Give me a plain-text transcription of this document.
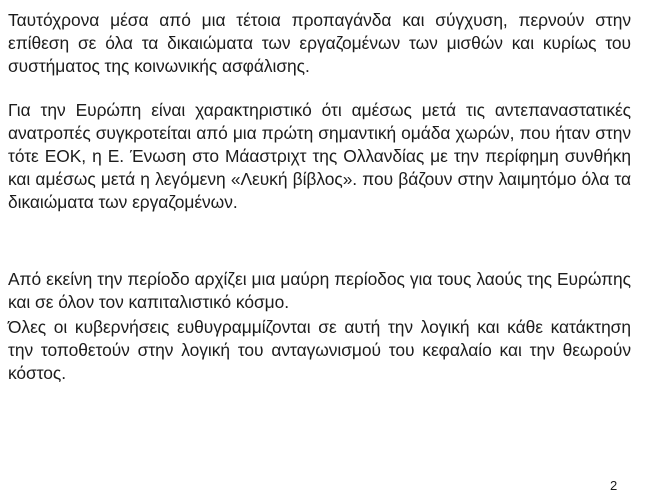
Ταυτόχρονα μέσα από μια τέτοια προπαγάνδα και σύγχυση, περνούν στην επίθεση σε όλα τα δικαιώματα των εργαζομένων των μισθών και κυρίως του συστήματος της κοινωνικής ασφάλισης.

Για την Ευρώπη είναι χαρακτηριστικό ότι αμέσως μετά τις αντεπαναστατικές ανατροπές συγκροτείται από μια πρώτη σημαντική ομάδα χωρών, που ήταν στην τότε ΕΟΚ, η Ε. Ένωση στο Μάαστριχτ της Ολλανδίας με την περίφημη συνθήκη και αμέσως μετά η λεγόμενη «Λευκή βίβλος». που βάζουν στην λαιμητόμο όλα τα δικαιώματα των εργαζομένων.

Από εκείνη την περίοδο αρχίζει μια μαύρη περίοδος για τους λαούς της Ευρώπης και σε όλον τον καπιταλιστικό κόσμο.

Όλες οι κυβερνήσεις ευθυγραμμίζονται σε αυτή την λογική και κάθε κατάκτηση την τοποθετούν στην λογική του ανταγωνισμού του κεφαλαίο και την θεωρούν κόστος.

2
